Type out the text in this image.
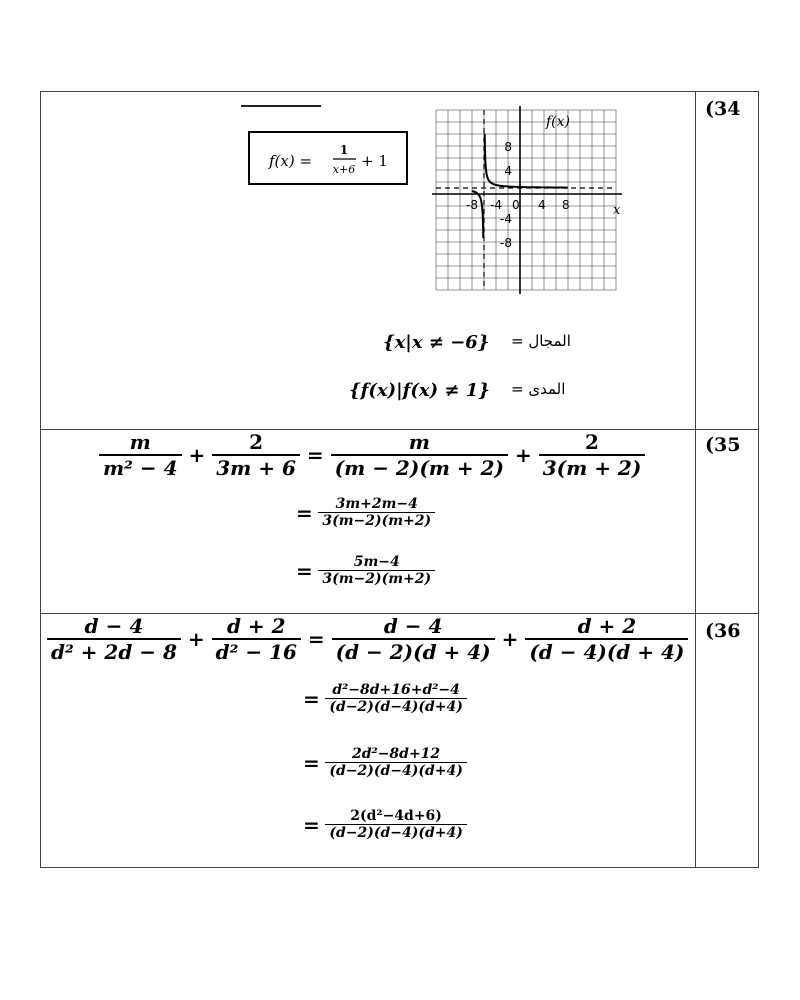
(34
f(x) =
1
x+6 + 1
-8 -4 0 4 8
8
4
-4
-8
f(x)
x
المجال =
{x|x ≠ −6}
المدى =
{f(x)|f(x) ≠ 1}
(35
$\frac{m}{\text{m² − 4}} + \frac{2}{3m + 6} = \frac{m}{(m - 2)(m + 2)} + \frac{2}{3(m + 2)}$
= $\frac{3m+2m-4}{3(m-2)(m+2)}$
= $\frac{5m-4}{3(m-2)(m+2)}$
(36
$\frac{d - 4}{\text{d² + 2d − 8}} + \frac{d + 2}{\text{d² − 16}} = \frac{d - 4}{(d - 2)(d + 4)} + \frac{d + 2}{(d - 4)(d + 4)}$
= $\frac{\text{d²−8d+16+d²−4}}{(d-2)(d-4)(d+4)}$
= $\frac{\text{2d²−8d+12}}{(d-2)(d-4)(d+4)}$
= $\frac{\text{2(d²−4d+6)}}{(d-2)(d-4)(d+4)}$
